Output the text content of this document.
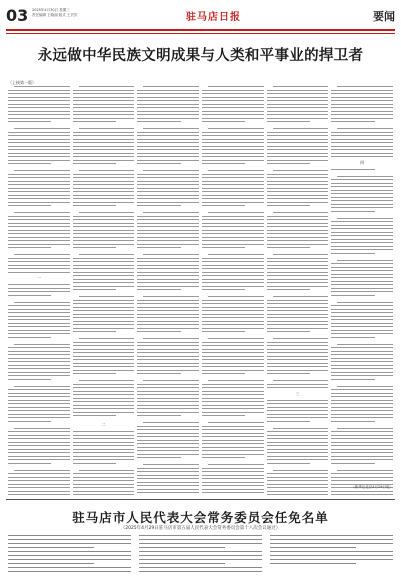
03 2025年4月30日 星期三
责任编辑 王晓丽 版式 王贝贝	驻马店日报	要闻
永远做中华民族文明成果与人类和平事业的捍卫者
（上接第一版）
一
二
三
四
（新华社北京4月29日电）
驻马店市人民代表大会常务委员会任免名单
（2025年4月29日驻马店市第五届人民代表大会常务委员会第十八次会议通过）
